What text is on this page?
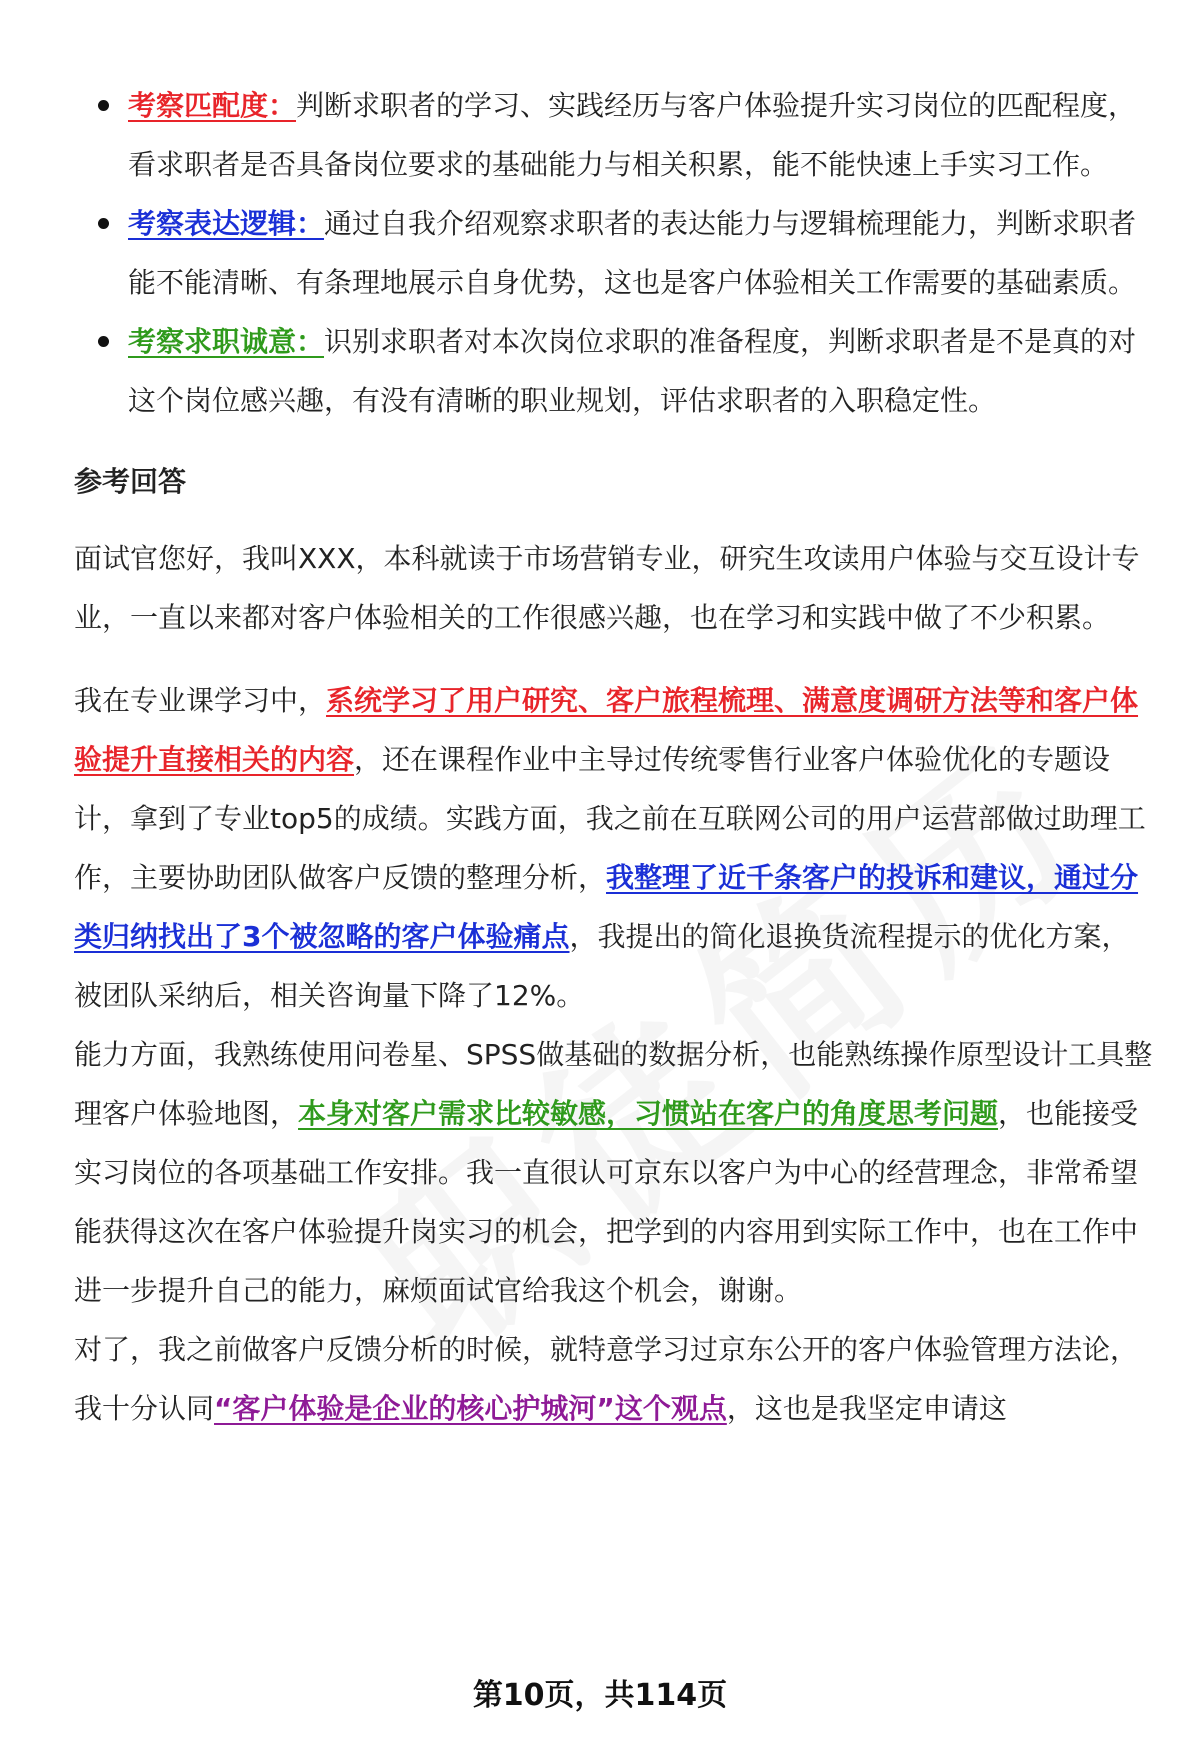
考察匹配度：判断求职者的学习、实践经历与客户体验提升实习岗位的匹配程度，看求职者是否具备岗位要求的基础能力与相关积累，能不能快速上手实习工作。
考察表达逻辑：通过自我介绍观察求职者的表达能力与逻辑梳理能力，判断求职者能不能清晰、有条理地展示自身优势，这也是客户体验相关工作需要的基础素质。
考察求职诚意：识别求职者对本次岗位求职的准备程度，判断求职者是不是真的对这个岗位感兴趣，有没有清晰的职业规划，评估求职者的入职稳定性。
参考回答

面试官您好，我叫XXX，本科就读于市场营销专业，研究生攻读用户体验与交互设计专业，一直以来都对客户体验相关的工作很感兴趣，也在学习和实践中做了不少积累。

我在专业课学习中，系统学习了用户研究、客户旅程梳理、满意度调研方法等和客户体验提升直接相关的内容，还在课程作业中主导过传统零售行业客户体验优化的专题设计，拿到了专业top5的成绩。实践方面，我之前在互联网公司的用户运营部做过助理工作，主要协助团队做客户反馈的整理分析，我整理了近千条客户的投诉和建议，通过分类归纳找出了3个被忽略的客户体验痛点，我提出的简化退换货流程提示的优化方案，被团队采纳后，相关咨询量下降了12%。

能力方面，我熟练使用问卷星、SPSS做基础的数据分析，也能熟练操作原型设计工具整理客户体验地图，本身对客户需求比较敏感，习惯站在客户的角度思考问题，也能接受实习岗位的各项基础工作安排。我一直很认可京东以客户为中心的经营理念，非常希望能获得这次在客户体验提升岗实习的机会，把学到的内容用到实际工作中，也在工作中进一步提升自己的能力，麻烦面试官给我这个机会，谢谢。

对了，我之前做客户反馈分析的时候，就特意学习过京东公开的客户体验管理方法论，我十分认同“客户体验是企业的核心护城河”这个观点，这也是我坚定申请这

第10页，共114页
